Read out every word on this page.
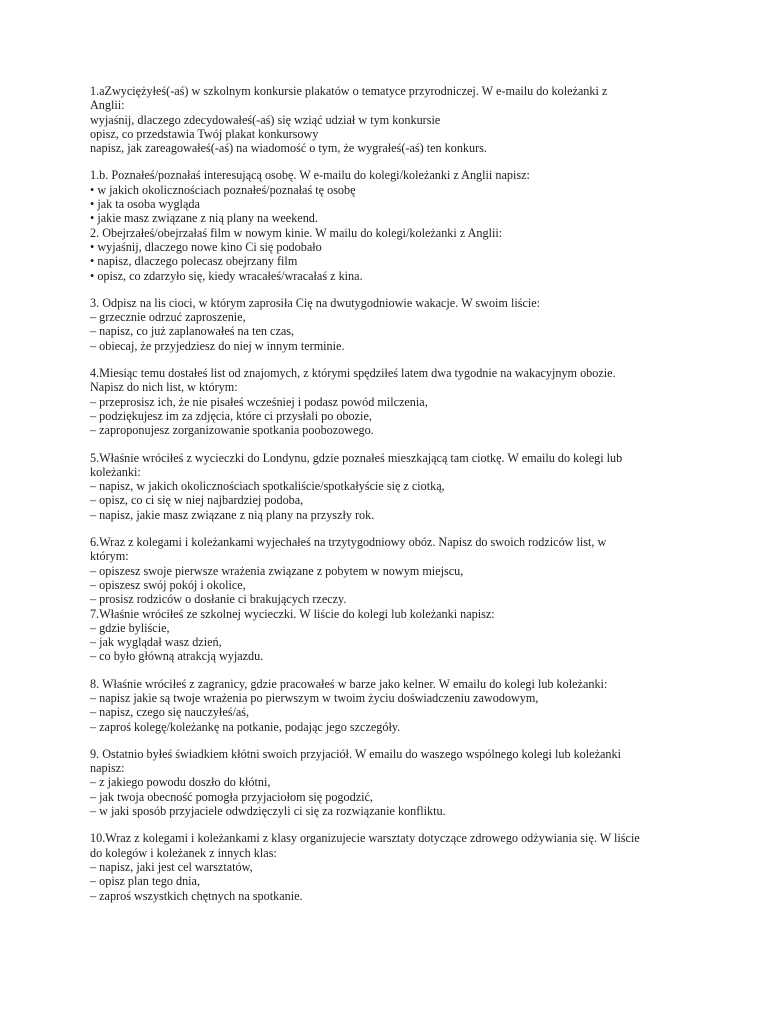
1.aZwyciężyłeś(-aś) w szkolnym konkursie plakatów o tematyce przyrodniczej. W e-mailu do koleżanki z
Anglii:
wyjaśnij, dlaczego zdecydowałeś(-aś) się wziąć udział w tym konkursie
opisz, co przedstawia Twój plakat konkursowy
napisz, jak zareagowałeś(-aś) na wiadomość o tym, że wygrałeś(-aś) ten konkurs.
1.b. Poznałeś/poznałaś interesującą osobę. W e-mailu do kolegi/koleżanki z Anglii napisz:
• w jakich okolicznościach poznałeś/poznałaś tę osobę
• jak ta osoba wygląda
• jakie masz związane z nią plany na weekend.
2. Obejrzałeś/obejrzałaś film w nowym kinie. W mailu do kolegi/koleżanki z Anglii:
• wyjaśnij, dlaczego nowe kino Ci się podobało
• napisz, dlaczego polecasz obejrzany film
• opisz, co zdarzyło się, kiedy wracałeś/wracałaś z kina.
3. Odpisz na lis cioci, w którym zaprosiła Cię na dwutygodniowie wakacje. W swoim liście:
– grzecznie odrzuć zaproszenie,
– napisz, co już zaplanowałeś na ten czas,
– obiecaj, że przyjedziesz do niej w innym terminie.
4.Miesiąc temu dostałeś list od znajomych, z którymi spędziłeś latem dwa tygodnie na wakacyjnym obozie.
Napisz do nich list, w którym:
– przeprosisz ich, że nie pisałeś wcześniej i podasz powód milczenia,
– podziękujesz im za zdjęcia, które ci przysłali po obozie,
– zaproponujesz zorganizowanie spotkania poobozowego.
5.Właśnie wróciłeś z wycieczki do Londynu, gdzie poznałeś mieszkającą tam ciotkę. W emailu do kolegi lub
koleżanki:
– napisz, w jakich okolicznościach spotkaliście/spotkałyście się z ciotką,
– opisz, co ci się w niej najbardziej podoba,
– napisz, jakie masz związane z nią plany na przyszły rok.
6.Wraz z kolegami i koleżankami wyjechałeś na trzytygodniowy obóz. Napisz do swoich rodziców list, w
którym:
– opiszesz swoje pierwsze wrażenia związane z pobytem w nowym miejscu,
– opiszesz swój pokój i okolice,
– prosisz rodziców o dosłanie ci brakujących rzeczy.
7.Właśnie wróciłeś ze szkolnej wycieczki. W liście do kolegi lub koleżanki napisz:
– gdzie byliście,
– jak wyglądał wasz dzień,
– co było główną atrakcją wyjazdu.
8. Właśnie wróciłeś z zagranicy, gdzie pracowałeś w barze jako kelner. W emailu do kolegi lub koleżanki:
– napisz jakie są twoje wrażenia po pierwszym w twoim życiu doświadczeniu zawodowym,
– napisz, czego się nauczyłeś/aś,
– zaproś kolegę/koleżankę na potkanie, podając jego szczegóły.
9. Ostatnio byłeś świadkiem kłótni swoich przyjaciół. W emailu do waszego wspólnego kolegi lub koleżanki
napisz:
– z jakiego powodu doszło do kłótni,
– jak twoja obecność pomogła przyjaciołom się pogodzić,
– w jaki sposób przyjaciele odwdzięczyli ci się za rozwiązanie konfliktu.
10.Wraz z kolegami i koleżankami z klasy organizujecie warsztaty dotyczące zdrowego odżywiania się. W liście
do kolegów i koleżanek z innych klas:
– napisz, jaki jest cel warsztatów,
– opisz plan tego dnia,
– zaproś wszystkich chętnych na spotkanie.
